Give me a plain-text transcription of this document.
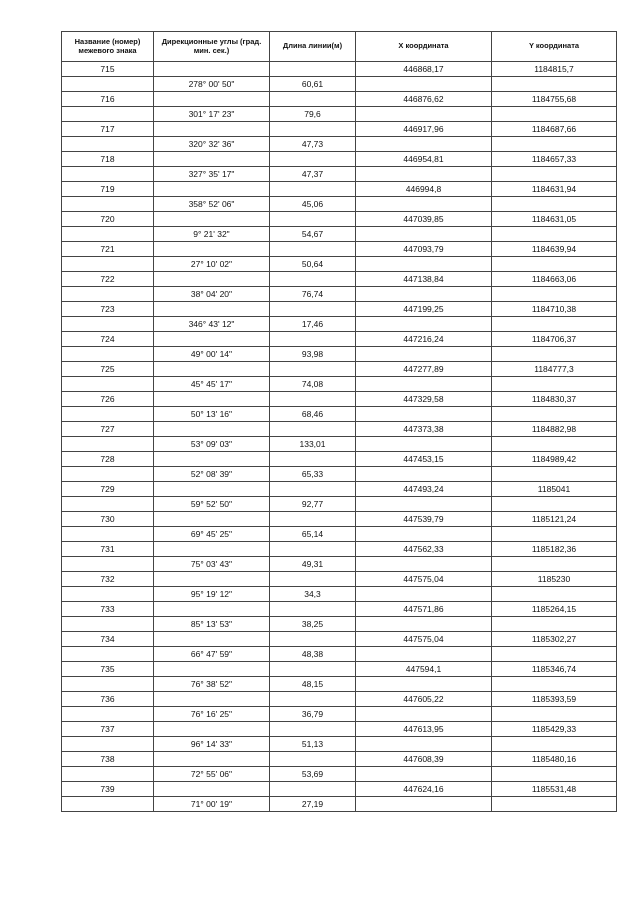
Название (номер) межевого знака	Дирекционные углы (град. мин. сек.)	Длина линии(м)	X координата	Y координата
715			446868,17	1184815,7
	278° 00' 50"	60,61		
716			446876,62	1184755,68
	301° 17' 23"	79,6		
717			446917,96	1184687,66
	320° 32' 36"	47,73		
718			446954,81	1184657,33
	327° 35' 17"	47,37		
719			446994,8	1184631,94
	358° 52' 06"	45,06		
720			447039,85	1184631,05
	9° 21' 32"	54,67		
721			447093,79	1184639,94
	27° 10' 02"	50,64		
722			447138,84	1184663,06
	38° 04' 20"	76,74		
723			447199,25	1184710,38
	346° 43' 12"	17,46		
724			447216,24	1184706,37
	49° 00' 14"	93,98		
725			447277,89	1184777,3
	45° 45' 17"	74,08		
726			447329,58	1184830,37
	50° 13' 16"	68,46		
727			447373,38	1184882,98
	53° 09' 03"	133,01		
728			447453,15	1184989,42
	52° 08' 39"	65,33		
729			447493,24	1185041
	59° 52' 50"	92,77		
730			447539,79	1185121,24
	69° 45' 25"	65,14		
731			447562,33	1185182,36
	75° 03' 43"	49,31		
732			447575,04	1185230
	95° 19' 12"	34,3		
733			447571,86	1185264,15
	85° 13' 53"	38,25		
734			447575,04	1185302,27
	66° 47' 59"	48,38		
735			447594,1	1185346,74
	76° 38' 52"	48,15		
736			447605,22	1185393,59
	76° 16' 25"	36,79		
737			447613,95	1185429,33
	96° 14' 33"	51,13		
738			447608,39	1185480,16
	72° 55' 06"	53,69		
739			447624,16	1185531,48
	71° 00' 19"	27,19		
